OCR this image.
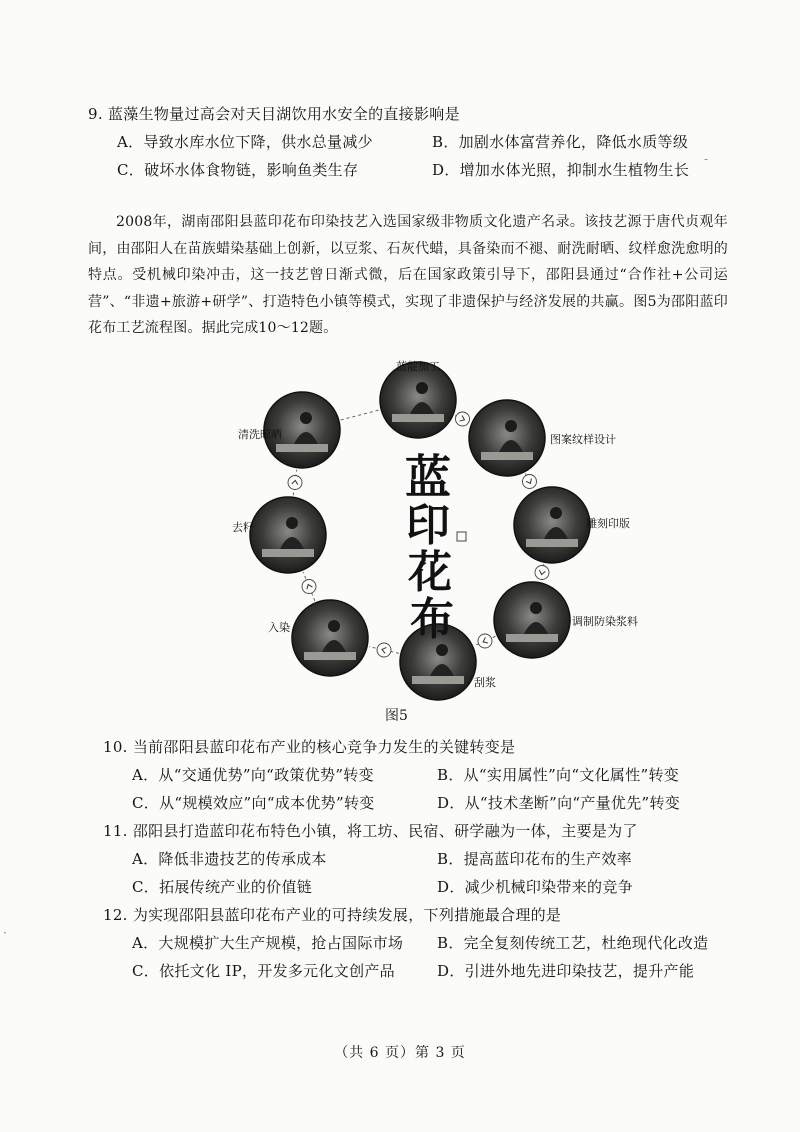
9. 蓝藻生物量过高会对天目湖饮用水安全的直接影响是
A．导致水库水位下降，供水总量减少	B．加剧水体富营养化，降低水质等级
C．破坏水体食物链，影响鱼类生存	D．增加水体光照，抑制水生植物生长
2008年，湖南邵阳县蓝印花布印染技艺入选国家级非物质文化遗产名录。该技艺源于唐代贞观年间，由邵阳人在苗族蜡染基础上创新，以豆浆、石灰代蜡，具备染而不褪、耐洗耐晒、纹样愈洗愈明的特点。受机械印染冲击，这一技艺曾日渐式微，后在国家政策引导下，邵阳县通过“合作社+公司运营”、“非遗+旅游+研学”、打造特色小镇等模式，实现了非遗保护与经济发展的共赢。图5为邵阳蓝印花布工艺流程图。据此完成10～12题。
蓝靛加工
图案纹样设计
雕刻印版
调制防染浆料
刮浆
入染
去籽
清洗晾晒
蓝
印
花
布
图5
10. 当前邵阳县蓝印花布产业的核心竞争力发生的关键转变是
A．从“交通优势”向“政策优势”转变	B．从“实用属性”向“文化属性”转变
C．从“规模效应”向“成本优势”转变	D．从“技术垄断”向“产量优先”转变
11. 邵阳县打造蓝印花布特色小镇，将工坊、民宿、研学融为一体，主要是为了
A．降低非遗技艺的传承成本	B．提高蓝印花布的生产效率
C．拓展传统产业的价值链	D．减少机械印染带来的竞争
12. 为实现邵阳县蓝印花布产业的可持续发展，下列措施最合理的是
A．大规模扩大生产规模，抢占国际市场 B．完全复刻传统工艺，杜绝现代化改造
C．依托文化 IP，开发多元化文创产品	D．引进外地先进印染技艺，提升产能
-
·
（共 6 页）第 3 页
